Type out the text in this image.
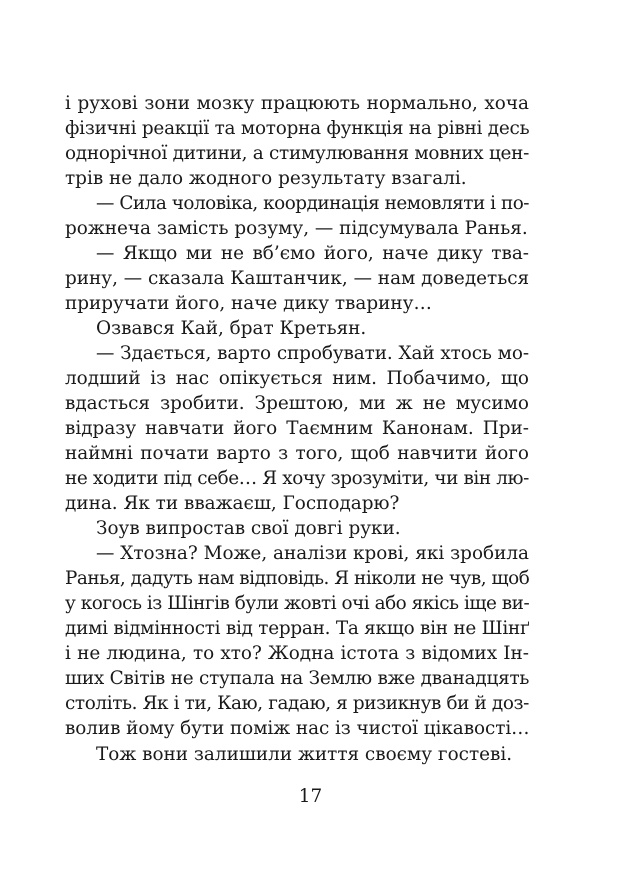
і рухові зони мозку працюють нормально, хоча
фізичні реакції та моторна функція на рівні десь
однорічної дитини, а стимулювання мовних цен-
трів не дало жодного результату взагалі.
— Сила чоловіка, координація немовляти і по-
рожнеча замість розуму, — підсумувала Ранья.
— Якщо ми не вб’ємо його, наче дику тва-
рину, — сказала Каштанчик, — нам доведеться
приручати його, наче дику тварину…
Озвався Кай, брат Кретьян.
— Здається, варто спробувати. Хай хтось мо-
лодший із нас опікується ним. Побачимо, що
вдасться зробити. Зрештою, ми ж не мусимо
відразу навчати його Таємним Канонам. При-
наймні почати варто з того, щоб навчити його
не ходити під себе… Я хочу зрозуміти, чи він лю-
дина. Як ти вважаєш, Господарю?
Зоув випростав свої довгі руки.
— Хтозна? Може, аналізи крові, які зробила
Ранья, дадуть нам відповідь. Я ніколи не чув, щоб
у когось із Шінгів були жовті очі або якісь іще ви-
димі відмінності від терран. Та якщо він не Шінґ
і не людина, то хто? Жодна істота з відомих Ін-
ших Світів не ступала на Землю вже дванадцять
століть. Як і ти, Каю, гадаю, я ризикнув би й доз-
волив йому бути поміж нас із чистої цікавості…
Тож вони залишили життя своєму гостеві.
17
